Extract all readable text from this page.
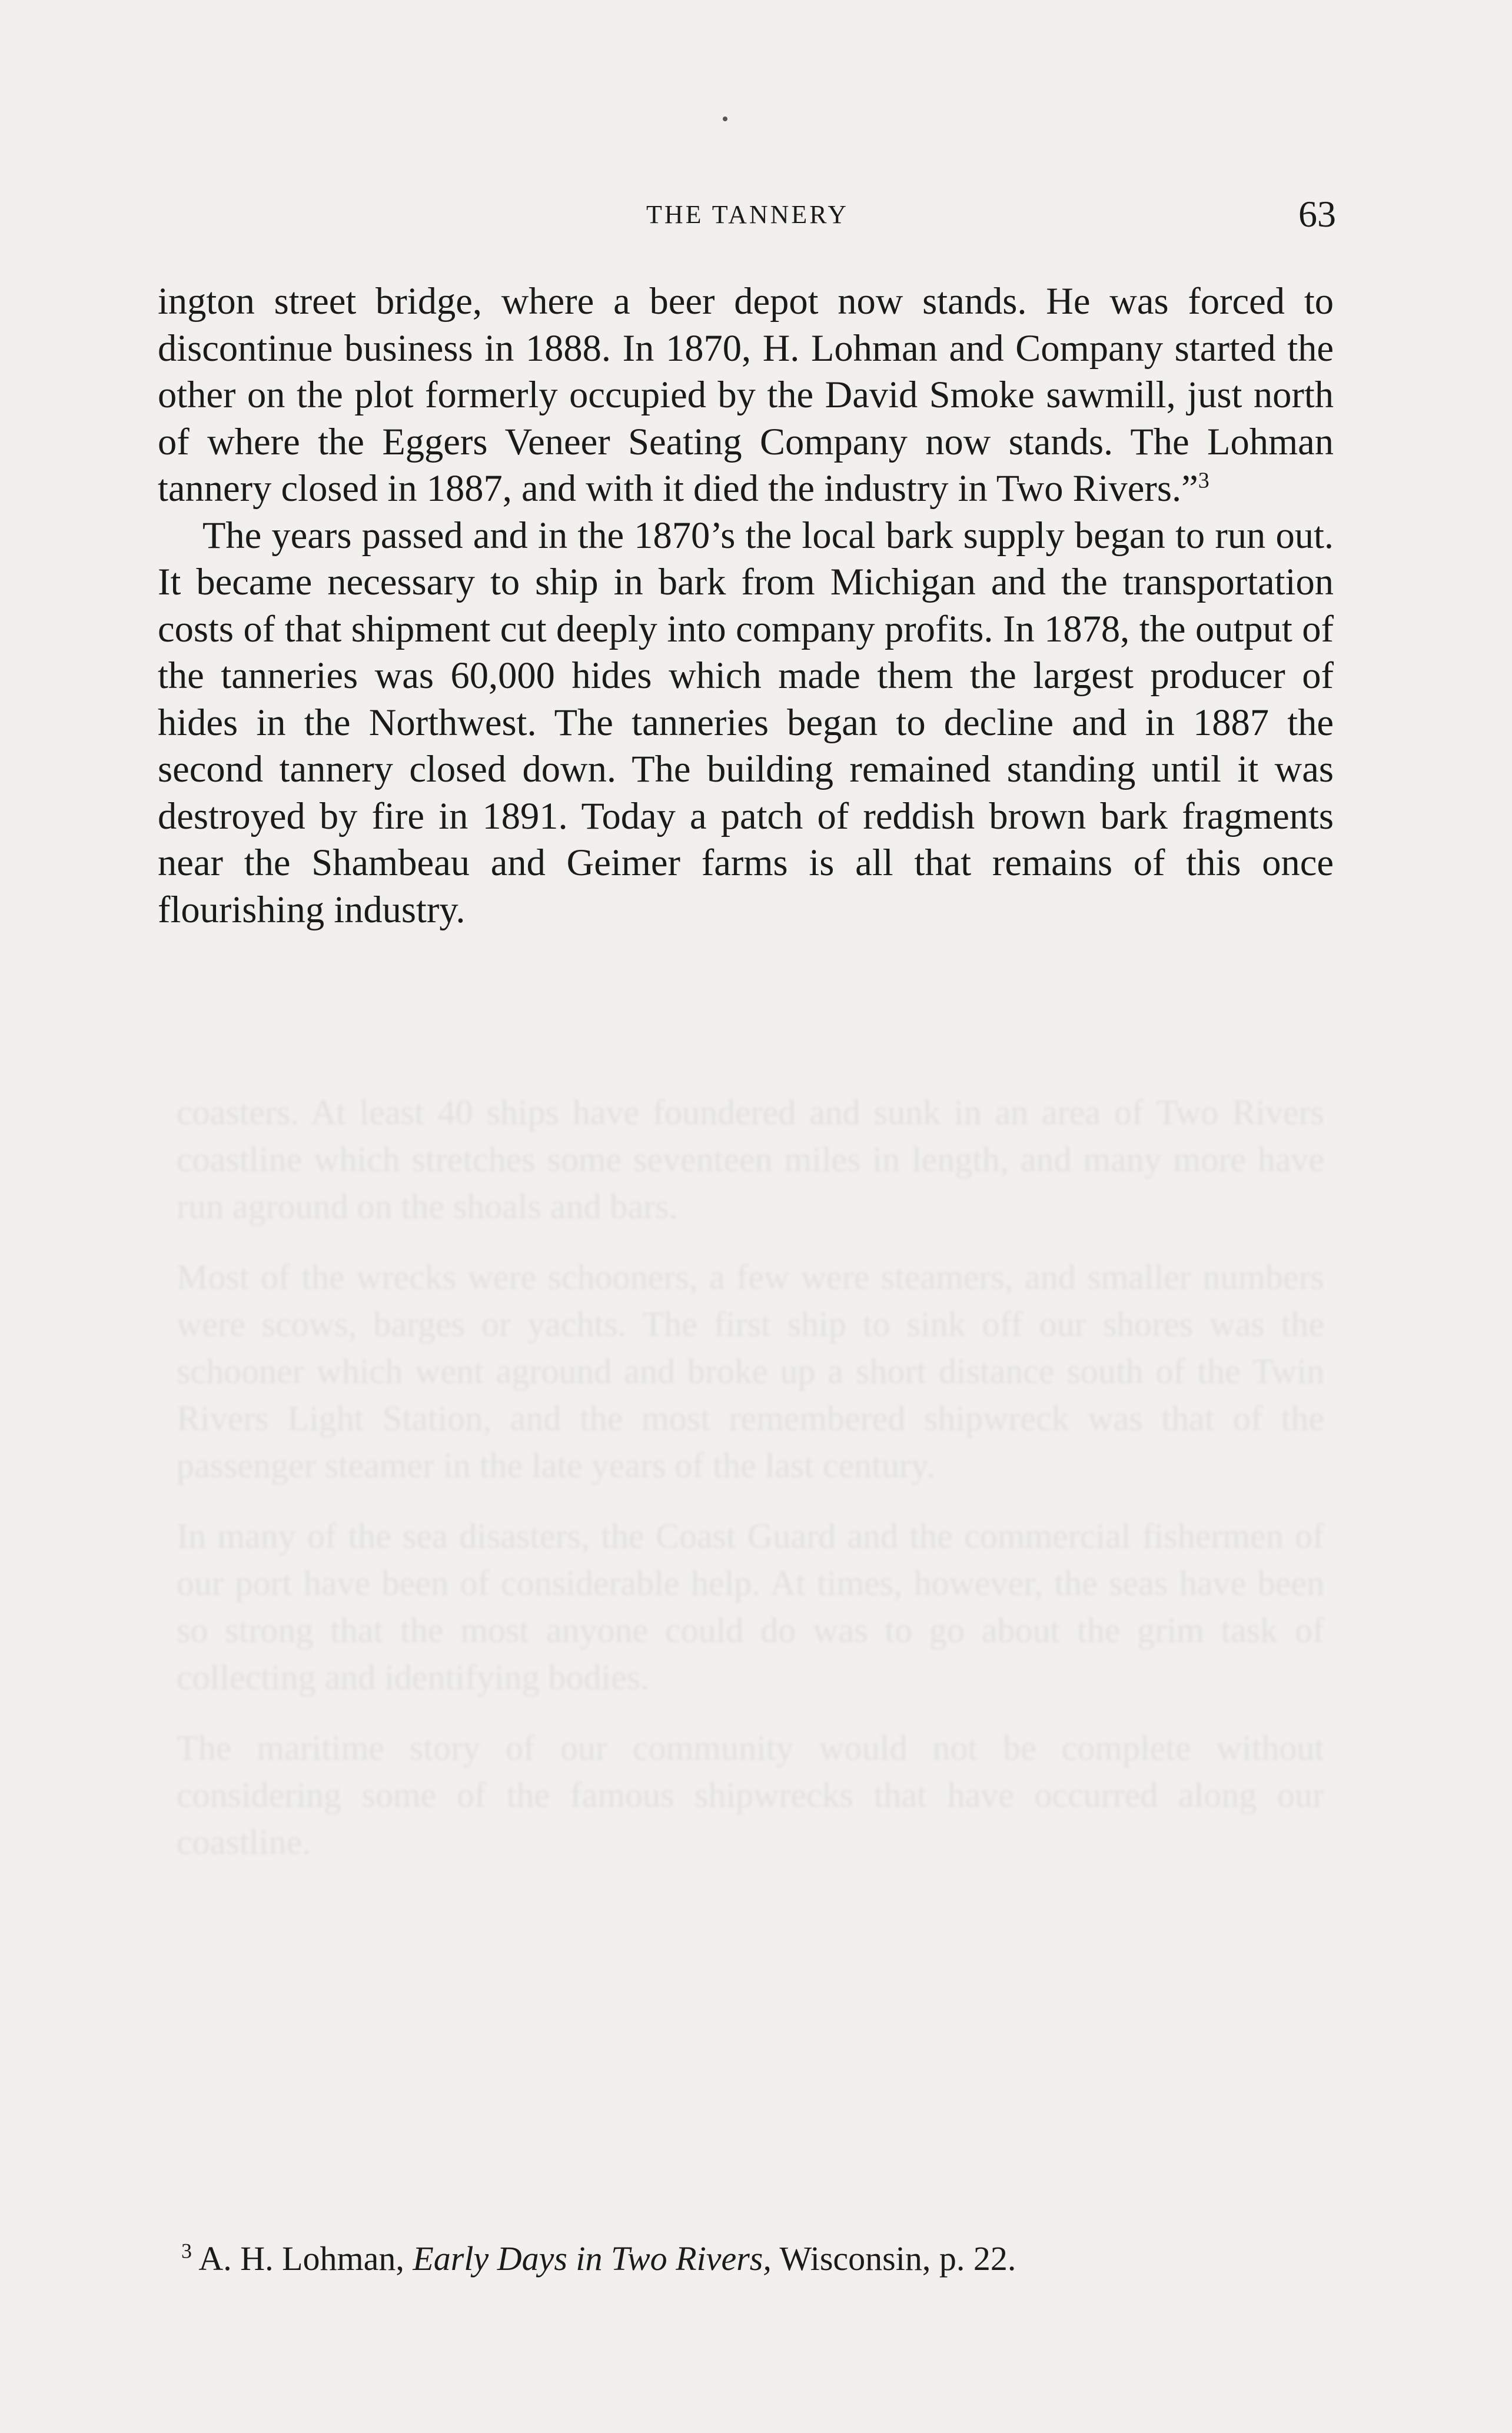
THE TANNERY	63

ington street bridge, where a beer depot now stands. He was forced to discontinue business in 1888. In 1870, H. Lohman and Company started the other on the plot formerly occupied by the David Smoke sawmill, just north of where the Eggers Veneer Seating Company now stands. The Lohman tannery closed in 1887, and with it died the industry in Two Rivers.”$^3$

The years passed and in the 1870’s the local bark supply began to run out. It became necessary to ship in bark from Michigan and the transportation costs of that shipment cut deeply into company profits. In 1878, the output of the tanneries was 60,000 hides which made them the largest producer of hides in the Northwest. The tanneries began to decline and in 1887 the second tannery closed down. The building remained standing until it was destroyed by fire in 1891. Today a patch of reddish brown bark fragments near the Shambeau and Geimer farms is all that remains of this once flourishing industry.

coasters. At least 40 ships have foundered and sunk in an area of Two Rivers coastline which stretches some seventeen miles in length, and many more have run aground on the shoals and bars.

Most of the wrecks were schooners, a few were steamers, and smaller numbers were scows, barges or yachts. The first ship to sink off our shores was the schooner which went aground and broke up a short distance south of the Twin Rivers Light Station, and the most remembered shipwreck was that of the passenger steamer in the late years of the last century.

In many of the sea disasters, the Coast Guard and the commercial fishermen of our port have been of considerable help. At times, however, the seas have been so strong that the most anyone could do was to go about the grim task of collecting and identifying bodies.

The maritime story of our community would not be complete without considering some of the famous shipwrecks that have occurred along our coastline.

$^3$ A. H. Lohman, Early Days in Two Rivers, Wisconsin, p. 22.
